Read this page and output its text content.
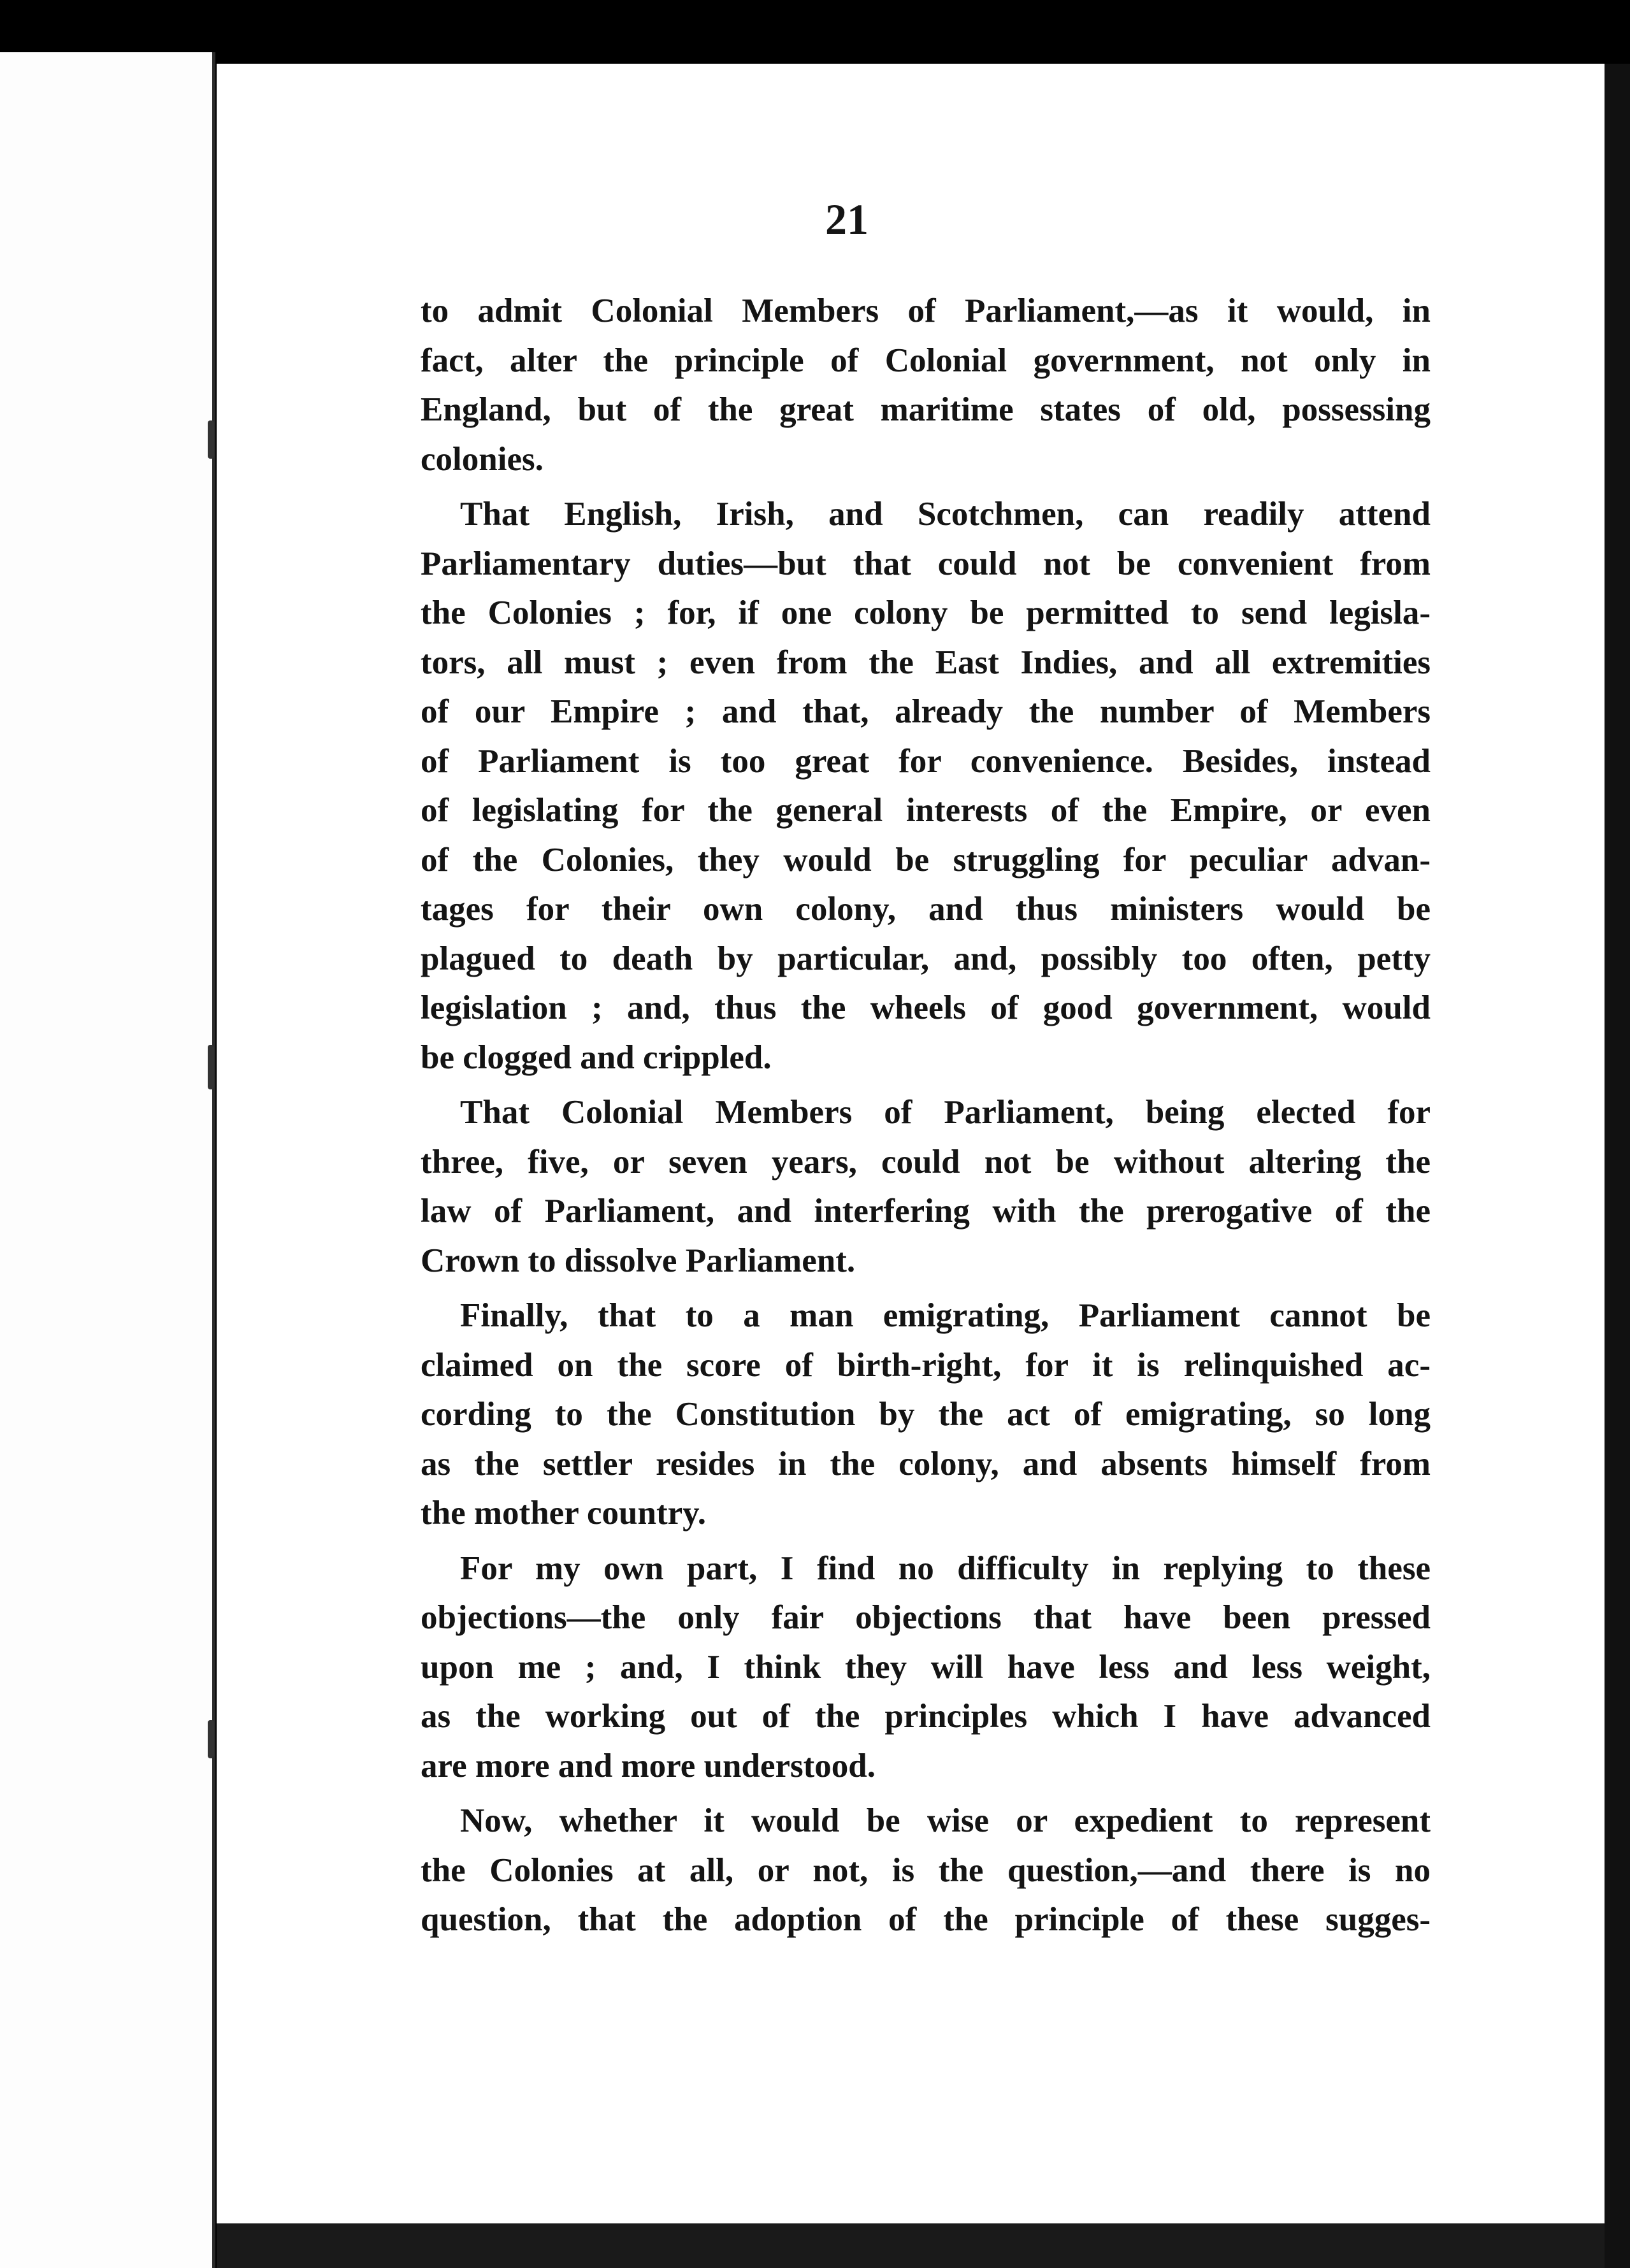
21
to admit Colonial Members of Parliament,—as it would, in
fact, alter the principle of Colonial government, not only in
England, but of the great maritime states of old, possessing
colonies.
That English, Irish, and Scotchmen, can readily attend
Parliamentary duties—but that could not be convenient from
the Colonies ; for, if one colony be permitted to send legisla-
tors, all must ; even from the East Indies, and all extremities
of our Empire ; and that, already the number of Members
of Parliament is too great for convenience. Besides, instead
of legislating for the general interests of the Empire, or even
of the Colonies, they would be struggling for peculiar advan-
tages for their own colony, and thus ministers would be
plagued to death by particular, and, possibly too often, petty
legislation ; and, thus the wheels of good government, would
be clogged and crippled.
That Colonial Members of Parliament, being elected for
three, five, or seven years, could not be without altering the
law of Parliament, and interfering with the prerogative of the
Crown to dissolve Parliament.
Finally, that to a man emigrating, Parliament cannot be
claimed on the score of birth-right, for it is relinquished ac-
cording to the Constitution by the act of emigrating, so long
as the settler resides in the colony, and absents himself from
the mother country.
For my own part, I find no difficulty in replying to these
objections—the only fair objections that have been pressed
upon me ; and, I think they will have less and less weight,
as the working out of the principles which I have advanced
are more and more understood.
Now, whether it would be wise or expedient to represent
the Colonies at all, or not, is the question,—and there is no
question, that the adoption of the principle of these sugges-
